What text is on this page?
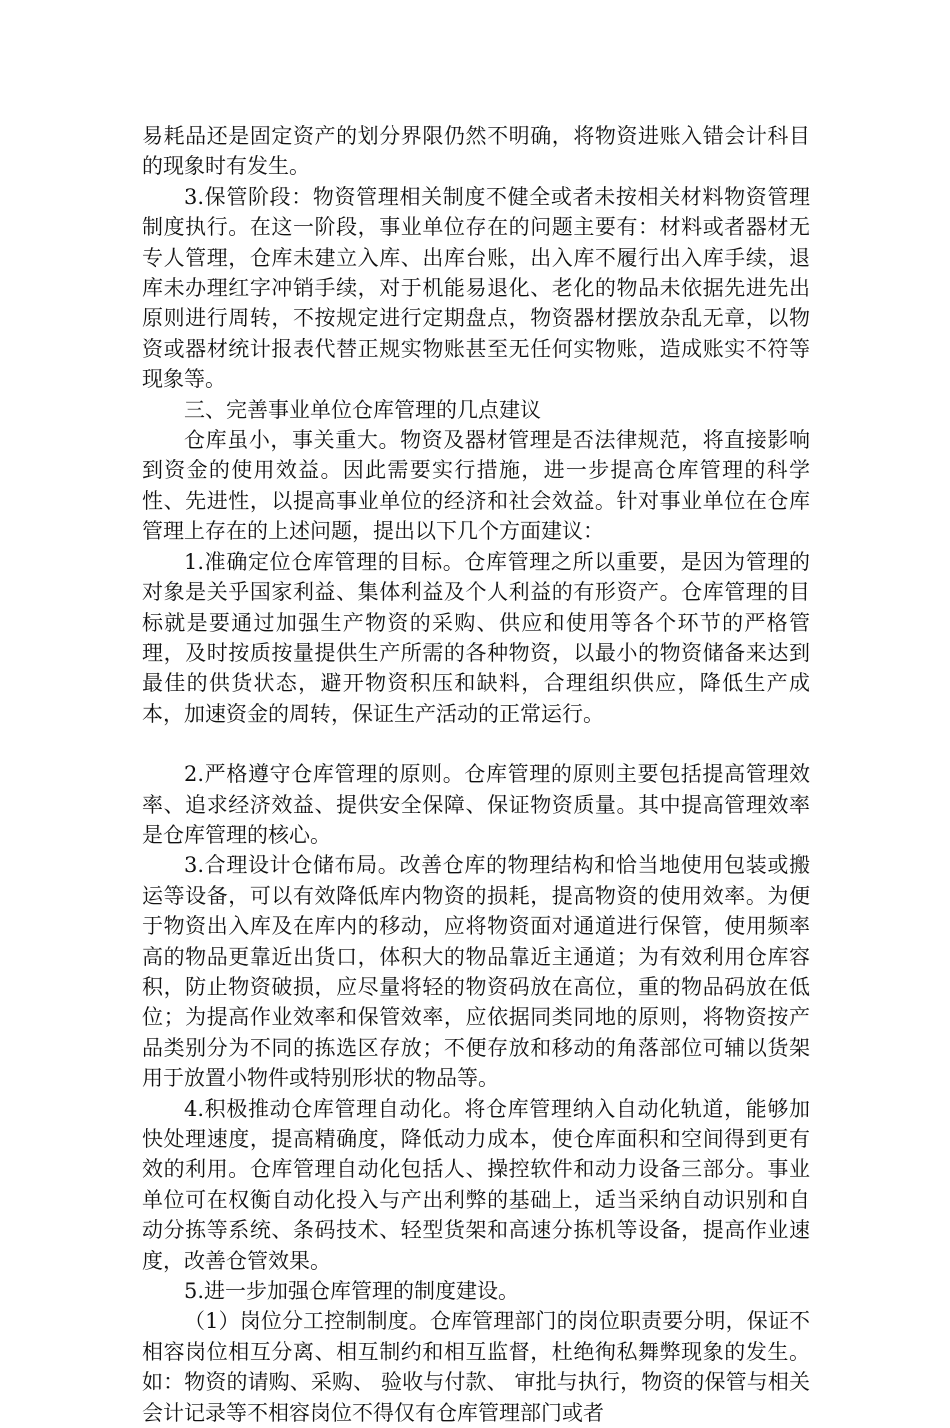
易耗品还是固定资产的划分界限仍然不明确，将物资进账入错会计科目的现象时有发生。

3.保管阶段：物资管理相关制度不健全或者未按相关材料物资管理制度执行。在这一阶段，事业单位存在的问题主要有：材料或者器材无专人管理，仓库未建立入库、出库台账，出入库不履行出入库手续，退库未办理红字冲销手续，对于机能易退化、老化的物品未依据先进先出原则进行周转，不按规定进行定期盘点，物资器材摆放杂乱无章，以物资或器材统计报表代替正规实物账甚至无任何实物账，造成账实不符等现象等。

三、完善事业单位仓库管理的几点建议

仓库虽小，事关重大。物资及器材管理是否法律规范，将直接影响到资金的使用效益。因此需要实行措施，进一步提高仓库管理的科学性、先进性，以提高事业单位的经济和社会效益。针对事业单位在仓库管理上存在的上述问题，提出以下几个方面建议：

1.准确定位仓库管理的目标。仓库管理之所以重要，是因为管理的对象是关乎国家利益、集体利益及个人利益的有形资产。仓库管理的目标就是要通过加强生产物资的采购、供应和使用等各个环节的严格管理，及时按质按量提供生产所需的各种物资，以最小的物资储备来达到最佳的供货状态，避开物资积压和缺料，合理组织供应，降低生产成本，加速资金的周转，保证生产活动的正常运行。

2.严格遵守仓库管理的原则。仓库管理的原则主要包括提高管理效率、追求经济效益、提供安全保障、保证物资质量。其中提高管理效率是仓库管理的核心。

3.合理设计仓储布局。改善仓库的物理结构和恰当地使用包装或搬运等设备，可以有效降低库内物资的损耗，提高物资的使用效率。为便于物资出入库及在库内的移动，应将物资面对通道进行保管，使用频率高的物品更靠近出货口，体积大的物品靠近主通道；为有效利用仓库容积，防止物资破损，应尽量将轻的物资码放在高位，重的物品码放在低位；为提高作业效率和保管效率，应依据同类同地的原则，将物资按产品类别分为不同的拣选区存放；不便存放和移动的角落部位可辅以货架用于放置小物件或特别形状的物品等。

4.积极推动仓库管理自动化。将仓库管理纳入自动化轨道，能够加快处理速度，提高精确度，降低动力成本，使仓库面积和空间得到更有效的利用。仓库管理自动化包括人、操控软件和动力设备三部分。事业单位可在权衡自动化投入与产出利弊的基础上，适当采纳自动识别和自动分拣等系统、条码技术、轻型货架和高速分拣机等设备，提高作业速度，改善仓管效果。

5.进一步加强仓库管理的制度建设。

（1）岗位分工控制制度。仓库管理部门的岗位职责要分明，保证不相容岗位相互分离、相互制约和相互监督，杜绝徇私舞弊现象的发生。 如：物资的请购、采购、 验收与付款、 审批与执行，物资的保管与相关会计记录等不相容岗位不得仅有仓库管理部门或者
